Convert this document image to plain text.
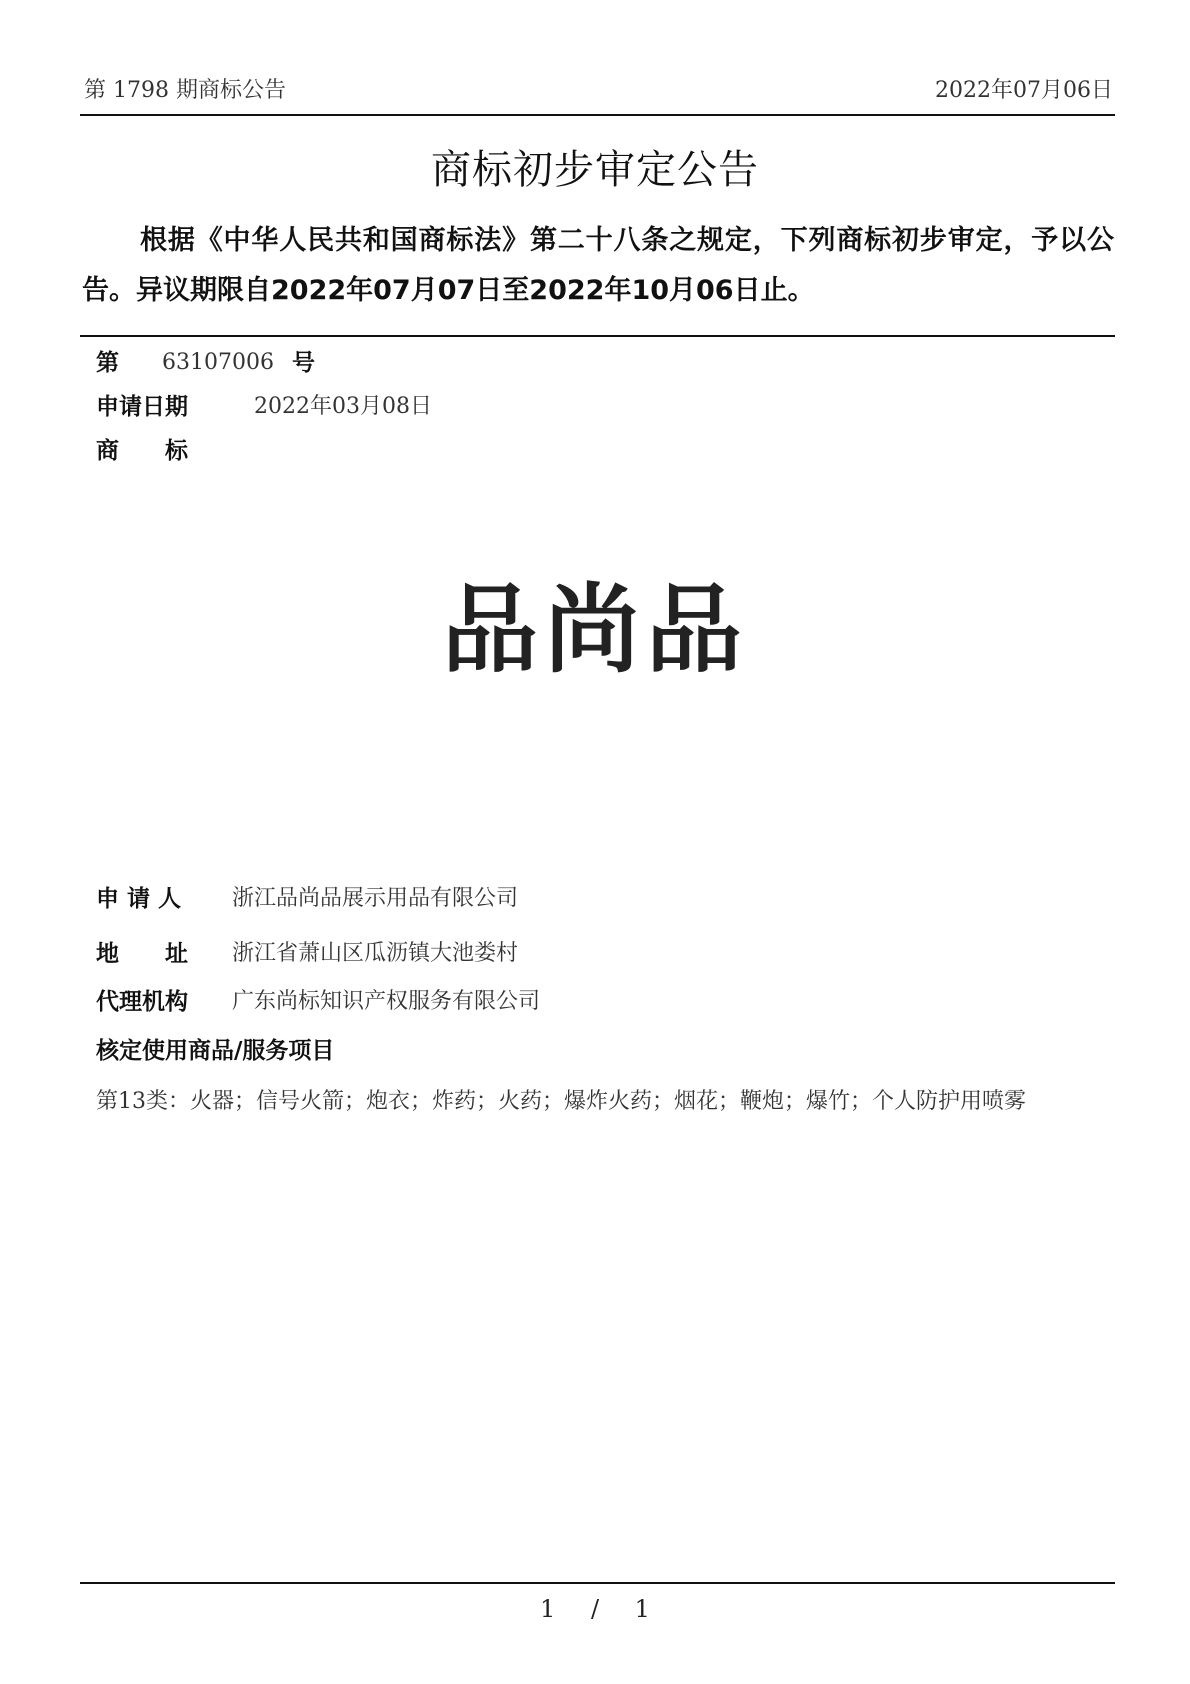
第 1798 期商标公告	2022年07月06日
商标初步审定公告
根据《中华人民共和国商标法》第二十八条之规定，下列商标初步审定，予以公告。异议期限自2022年07月07日至2022年10月06日止。
第 63107006 号
申请日期	2022年03月08日
商　　标
品尚品
申 请 人 浙江品尚品展示用品有限公司
地　　址 浙江省萧山区瓜沥镇大池娄村
代理机构 广东尚标知识产权服务有限公司
核定使用商品/服务项目
第13类：火器；信号火箭；炮衣；炸药；火药；爆炸火药；烟花；鞭炮；爆竹；个人防护用喷雾
1 / 1
